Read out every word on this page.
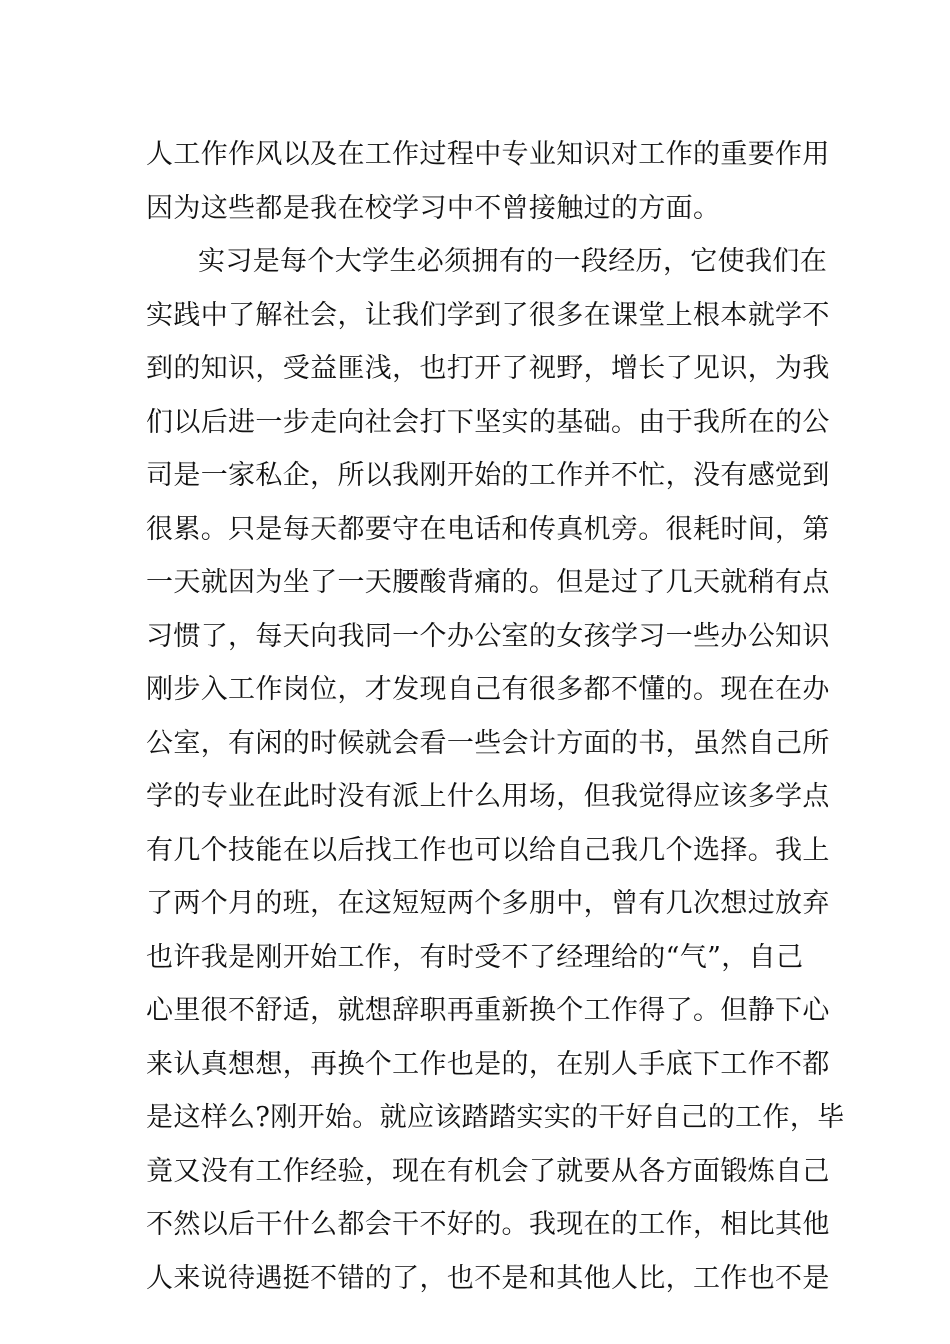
人工作作风以及在工作过程中专业知识对工作的重要作用
因为这些都是我在校学习中不曾接触过的方面。
实习是每个大学生必须拥有的一段经历，它使我们在
实践中了解社会，让我们学到了很多在课堂上根本就学不
到的知识，受益匪浅，也打开了视野，增长了见识，为我
们以后进一步走向社会打下坚实的基础。由于我所在的公
司是一家私企，所以我刚开始的工作并不忙，没有感觉到
很累。只是每天都要守在电话和传真机旁。很耗时间，第
一天就因为坐了一天腰酸背痛的。但是过了几天就稍有点
习惯了，每天向我同一个办公室的女孩学习一些办公知识
刚步入工作岗位，才发现自己有很多都不懂的。现在在办
公室，有闲的时候就会看一些会计方面的书，虽然自己所
学的专业在此时没有派上什么用场，但我觉得应该多学点
有几个技能在以后找工作也可以给自己我几个选择。我上
了两个月的班，在这短短两个多朋中，曾有几次想过放弃
也许我是刚开始工作，有时受不了经理给的“气”，自己
心里很不舒适，就想辞职再重新换个工作得了。但静下心
来认真想想，再换个工作也是的，在别人手底下工作不都
是这样么?刚开始。就应该踏踏实实的干好自己的工作，毕
竟又没有工作经验，现在有机会了就要从各方面锻炼自己
不然以后干什么都会干不好的。我现在的工作，相比其他
人来说待遇挺不错的了，也不是和其他人比，工作也不是
